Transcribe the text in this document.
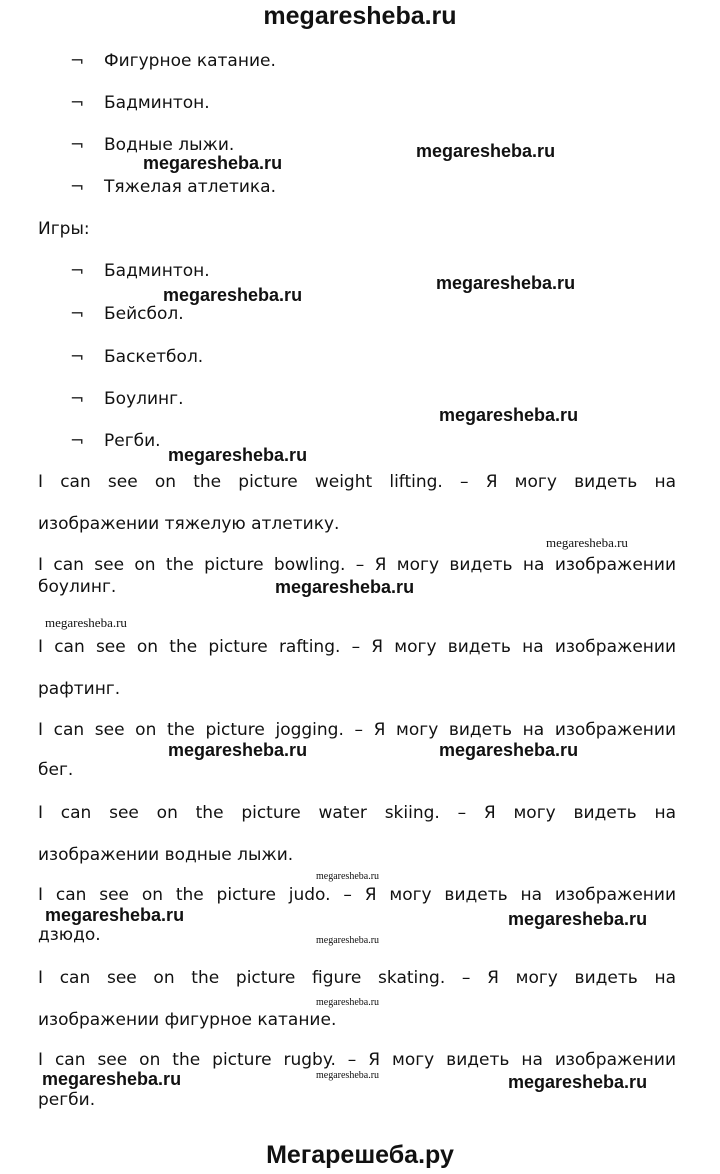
megaresheba.ru
¬ Фигурное катание.
¬ Бадминтон.
¬ Водные лыжи.
¬ Тяжелая атлетика.
Игры:
¬ Бадминтон.
¬ Бейсбол.
¬ Баскетбол.
¬ Боулинг.
¬ Регби.
I can see on the picture weight lifting. – Я могу видеть на
изображении тяжелую атлетику.
I can see on the picture bowling. – Я могу видеть на изображении
боулинг.
I can see on the picture rafting. – Я могу видеть на изображении
рафтинг.
I can see on the picture jogging. – Я могу видеть на изображении
бег.
I can see on the picture water skiing. – Я могу видеть на
изображении водные лыжи.
I can see on the picture judo. – Я могу видеть на изображении
дзюдо.
I can see on the picture figure skating. – Я могу видеть на
изображении фигурное катание.
I can see on the picture rugby. – Я могу видеть на изображении
регби.
megaresheba.ru
megaresheba.ru
megaresheba.ru
megaresheba.ru
megaresheba.ru
megaresheba.ru
megaresheba.ru
megaresheba.ru
megaresheba.ru
megaresheba.ru	megaresheba.ru
megaresheba.ru
megaresheba.ru	megaresheba.ru
megaresheba.ru
megaresheba.ru
megaresheba.ru
megaresheba.ru	megaresheba.ru
Мегарешеба.ру
